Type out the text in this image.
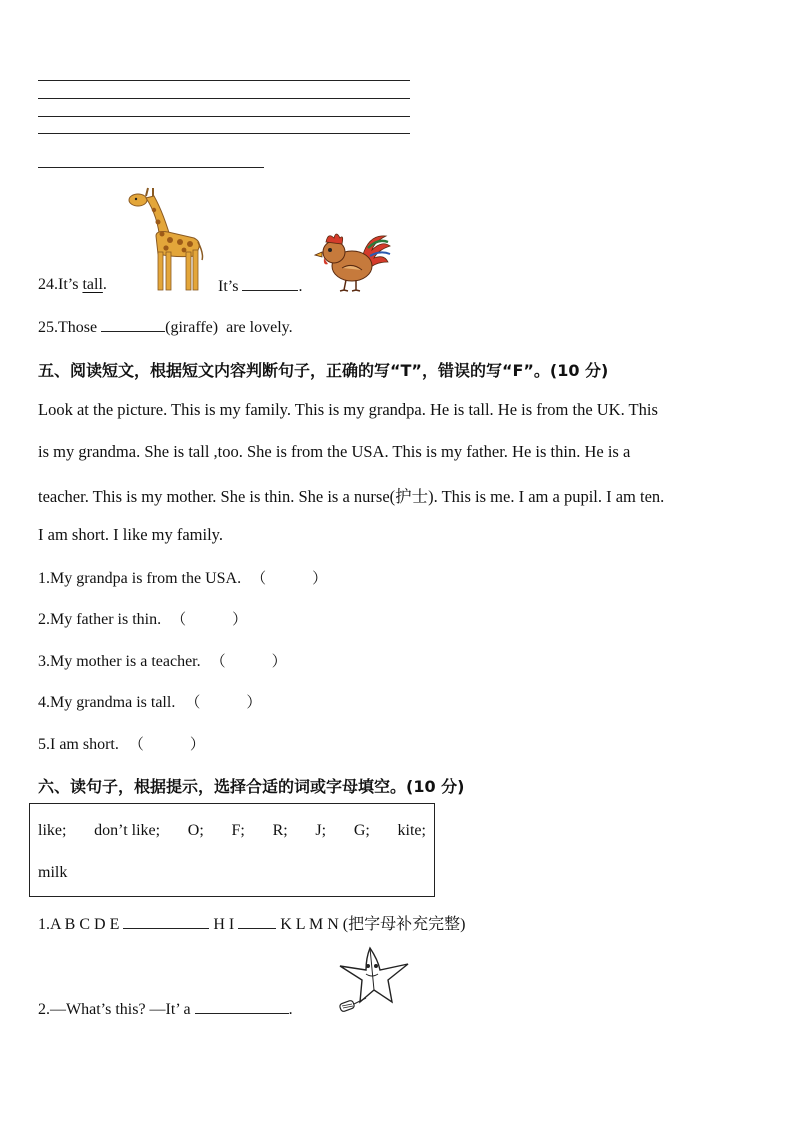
24.It’s tall.	It’s	.
25.Those	(giraffe) are lovely.
五、阅读短文，根据短文内容判断句子，正确的写“T”，错误的写“F”。(10 分)
Look at the picture. This is my family. This is my grandpa. He is tall. He is from the UK. This
is my grandma. She is tall ,too. She is from the USA. This is my father. He is thin. He is a
teacher. This is my mother. She is thin. She is a nurse(护士). This is me. I am a pupil. I am ten.
I am short. I like my family.
1.My grandpa is from the USA. （	）
2.My father is thin. （	）
3.My mother is a teacher. （	）
4.My grandma is tall. （	）
5.I am short. （	）
六、读句子，根据提示，选择合适的词或字母填空。(10 分)
like; don’t like; O; F; R; J; G; kite;
milk
1.A B C D E	H I	K L M N (把字母补充完整)
2.—What’s this? —It’ a	.
